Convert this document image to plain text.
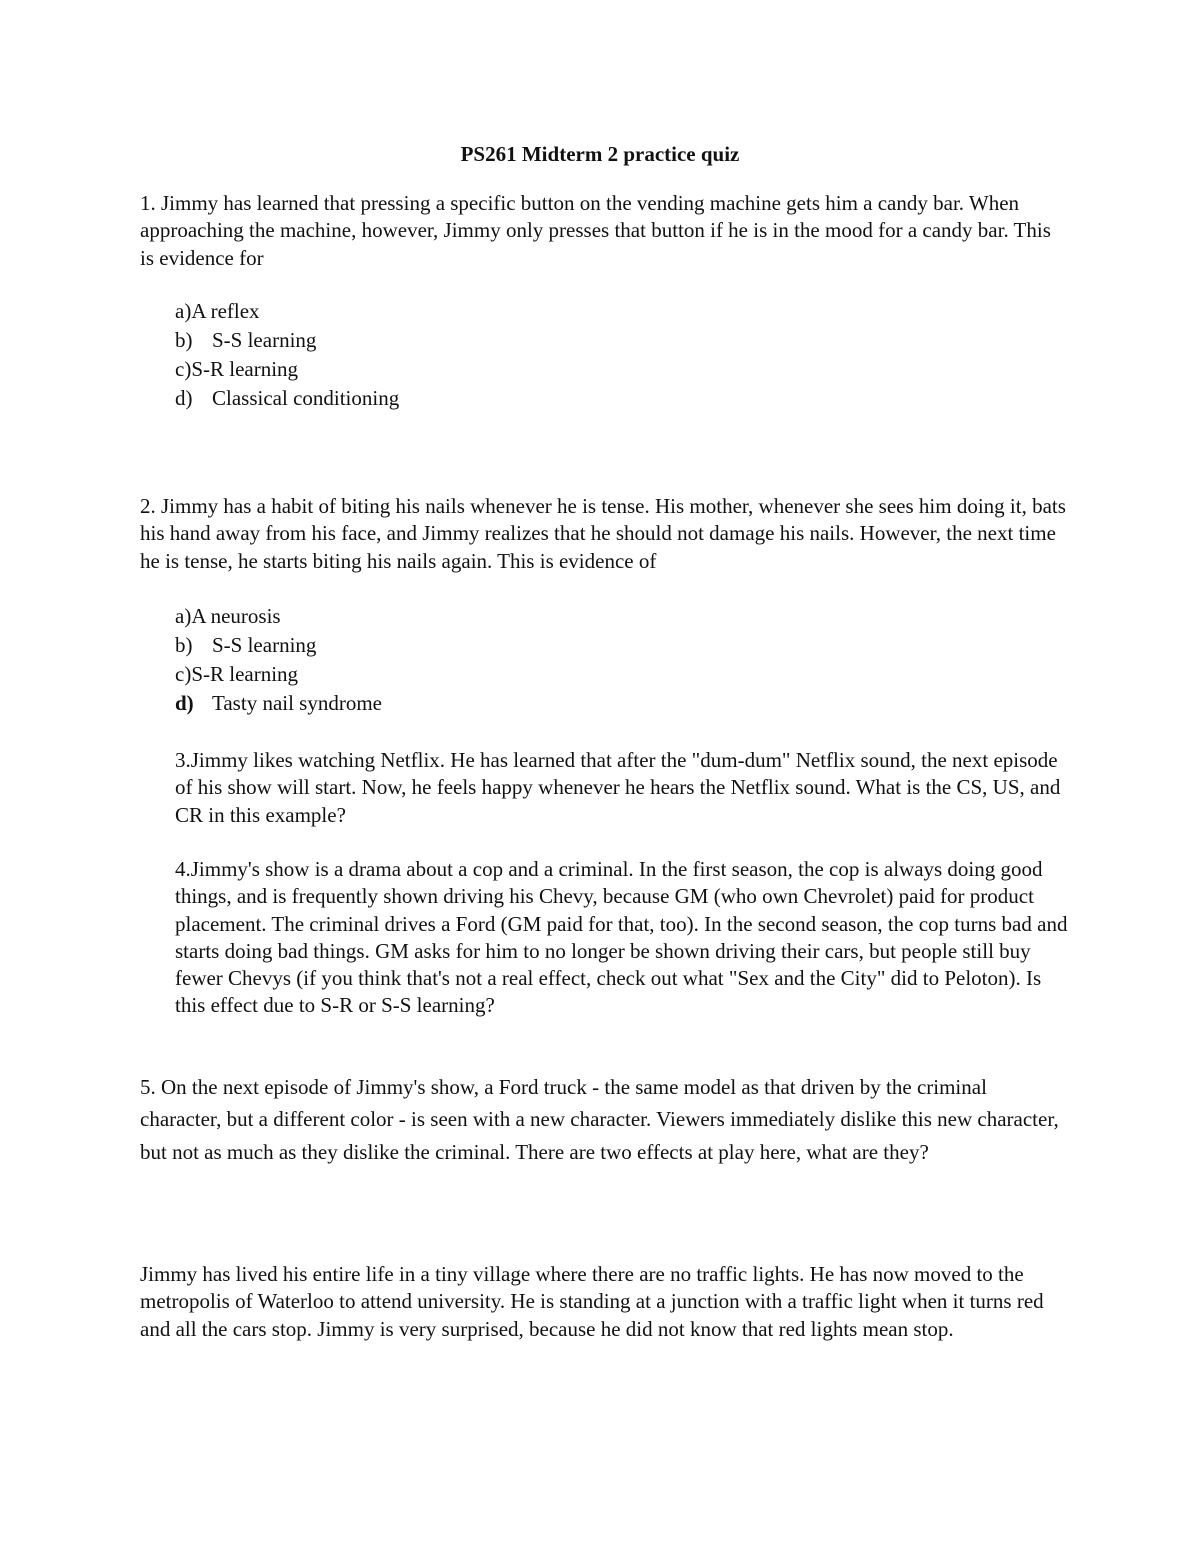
PS261 Midterm 2 practice quiz

1. Jimmy has learned that pressing a specific button on the vending machine gets him a candy bar. When approaching the machine, however, Jimmy only presses that button if he is in the mood for a candy bar. This is evidence for

a)A reflex
b) S-S learning
c)S-R learning
d) Classical conditioning

2. Jimmy has a habit of biting his nails whenever he is tense. His mother, whenever she sees him doing it, bats his hand away from his face, and Jimmy realizes that he should not damage his nails. However, the next time he is tense, he starts biting his nails again. This is evidence of

a)A neurosis
b) S-S learning
c)S-R learning
d) Tasty nail syndrome

3.Jimmy likes watching Netflix. He has learned that after the "dum-dum" Netflix sound, the next episode of his show will start. Now, he feels happy whenever he hears the Netflix sound. What is the CS, US, and CR in this example?

4.Jimmy's show is a drama about a cop and a criminal. In the first season, the cop is always doing good things, and is frequently shown driving his Chevy, because GM (who own Chevrolet) paid for product placement. The criminal drives a Ford (GM paid for that, too). In the second season, the cop turns bad and starts doing bad things. GM asks for him to no longer be shown driving their cars, but people still buy fewer Chevys (if you think that's not a real effect, check out what "Sex and the City" did to Peloton). Is this effect due to S-R or S-S learning?

5. On the next episode of Jimmy's show, a Ford truck - the same model as that driven by the criminal character, but a different color - is seen with a new character. Viewers immediately dislike this new character, but not as much as they dislike the criminal. There are two effects at play here, what are they?

Jimmy has lived his entire life in a tiny village where there are no traffic lights. He has now moved to the metropolis of Waterloo to attend university. He is standing at a junction with a traffic light when it turns red and all the cars stop. Jimmy is very surprised, because he did not know that red lights mean stop.
